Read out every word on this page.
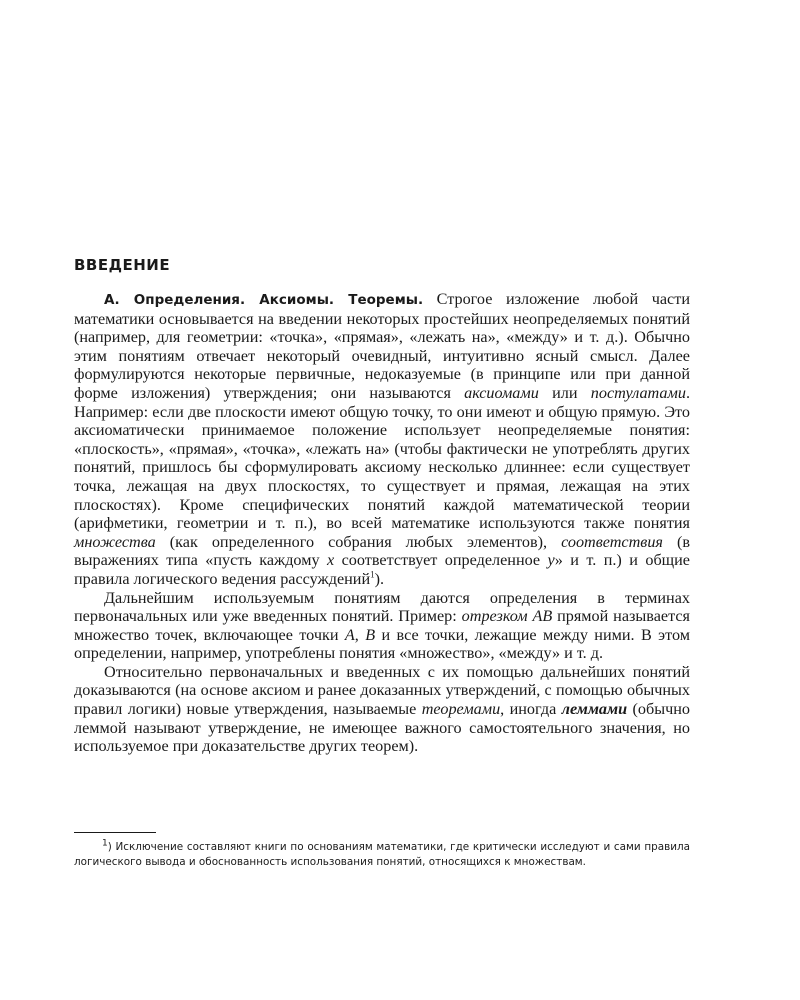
ВВЕДЕНИЕ

А. Определения. Аксиомы. Теоремы. Строгое изложение любой части математики основывается на введении некоторых простейших неопределяемых понятий (например, для геометрии: «точка», «прямая», «лежать на», «между» и т. д.). Обычно этим понятиям отвечает некоторый очевидный, интуитивно ясный смысл. Далее формулируются некоторые первичные, недоказуемые (в принципе или при данной форме изложения) утверждения; они называются аксиомами или постулатами. Например: если две плоскости имеют общую точку, то они имеют и общую прямую. Это аксиоматически принимаемое положение использует неопределяемые понятия: «плоскость», «прямая», «точка», «лежать на» (чтобы фактически не употреблять других понятий, пришлось бы сформулировать аксиому несколько длиннее: если существует точка, лежащая на двух плоскостях, то существует и прямая, лежащая на этих плоскостях). Кроме специфических понятий каждой математической теории (арифметики, геометрии и т. п.), во всей математике используются также понятия множества (как определенного собрания любых элементов), соответствия (в выражениях типа «пусть каждому x соответствует определенное y» и т. п.) и общие правила логического ведения рассуждений$^1$).

Дальнейшим используемым понятиям даются определения в терминах первоначальных или уже введенных понятий. Пример: отрезком AB прямой называется множество точек, включающее точки A, B и все точки, лежащие между ними. В этом определении, например, употреблены понятия «множество», «между» и т. д.

Относительно первоначальных и введенных с их помощью дальнейших понятий доказываются (на основе аксиом и ранее доказанных утверждений, с помощью обычных правил логики) новые утверждения, называемые теоремами, иногда леммами (обычно леммой называют утверждение, не имеющее важного самостоятельного значения, но используемое при доказательстве других теорем).

$^1$) Исключение составляют книги по основаниям математики, где критически исследуют и сами правила логического вывода и обоснованность использования понятий, относящихся к множествам.
